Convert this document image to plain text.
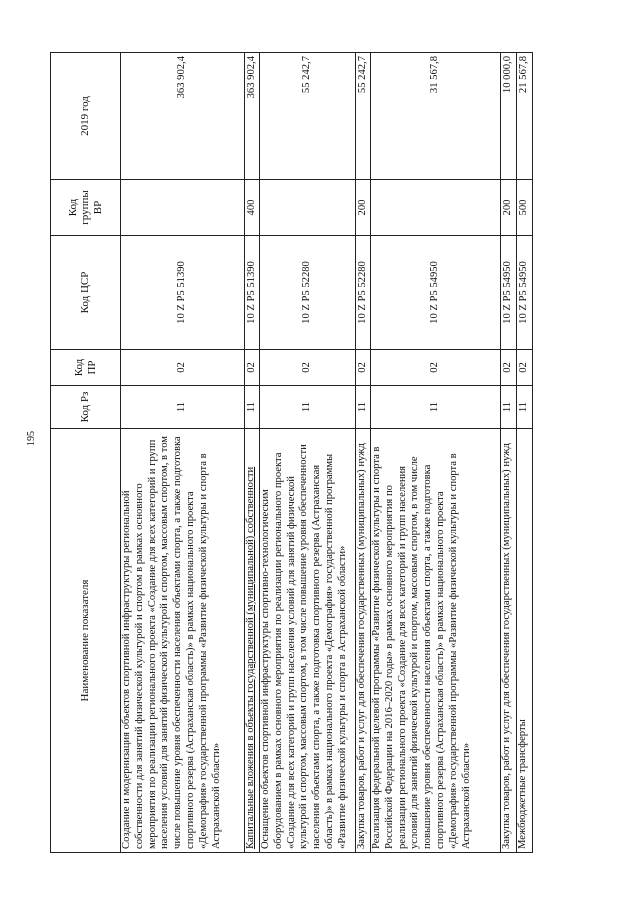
195
Наименование показателя	Код Рз	Код ПР	Код ЦСР	Код группы ВР	2019 год
Создание и модернизация объектов спортивной инфраструктуры региональной собственности для занятий физической культурой и спортом в рамках основного мероприятия по реализации регионального проекта «Создание для всех категорий и групп населения условий для занятий физической культурой и спортом, массовым спортом, в том числе повышение уровня обеспеченности населения объектами спорта, а также подготовка спортивного резерва (Астраханская область)» в рамках национального проекта «Демография» государственной программы «Развитие физической культуры и спорта в Астраханской области»	11	02	10 Z P5 51390		363 902,4
Капитальные вложения в объекты государственной (муниципальной) собственности	11	02	10 Z P5 51390	400	363 902,4
Оснащение объектов спортивной инфраструктуры спортивно-технологическим оборудованием в рамках основного мероприятия по реализации регионального проекта «Создание для всех категорий и групп населения условий для занятий физической культурой и спортом, массовым спортом, в том числе повышение уровня обеспеченности населения объектами спорта, а также подготовка спортивного резерва (Астраханская область)» в рамках национального проекта «Демография» государственной программы «Развитие физической культуры и спорта в Астраханской области»	11	02	10 Z P5 52280		55 242,7
Закупка товаров, работ и услуг для обеспечения государственных (муниципальных) нужд	11	02	10 Z P5 52280	200	55 242,7
Реализация федеральной целевой программы «Развитие физической культуры и спорта в Российской Федерации на 2016–2020 годы» в рамках основного мероприятия по реализации регионального проекта «Создание для всех категорий и групп населения условий для занятий физической культурой и спортом, массовым спортом, в том числе повышение уровня обеспеченности населения объектами спорта, а также подготовка спортивного резерва (Астраханская область)» в рамках национального проекта «Демография» государственной программы «Развитие физической культуры и спорта в Астраханской области»	11	02	10 Z P5 54950		31 567,8
Закупка товаров, работ и услуг для обеспечения государственных (муниципальных) нужд	11	02	10 Z P5 54950	200	10 000,0
Межбюджетные трансферты	11	02	10 Z P5 54950	500	21 567,8
